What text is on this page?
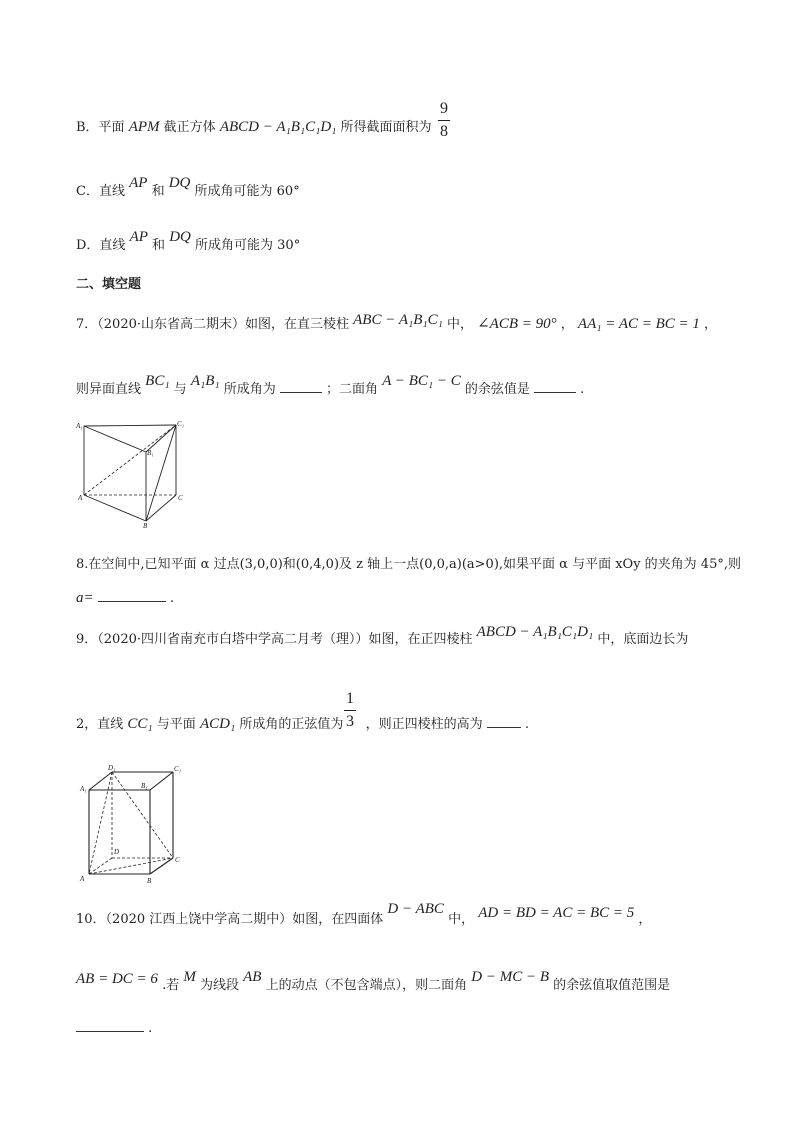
B．平面 APM 截正方体 ABCD − A₁B₁C₁D₁ 所得截面面积为
9
8
C．直线 AP 和 DQ 所成角可能为 60°
D．直线 AP 和 DQ 所成角可能为 30°
二、填空题
7．（2020·山东省高二期末）如图，在直三棱柱 ABC − A₁B₁C₁ 中， ∠ACB = 90° ， AA₁ = AC = BC = 1 ，
则异面直线 BC₁ 与 A₁B₁ 所成角为	；二面角 A − BC₁ − C 的余弦值是	.
A₁	C₁
B₁
A	C
B
8.在空间中,已知平面 α 过点(3,0,0)和(0,4,0)及 z 轴上一点(0,0,a)(a>0),如果平面 α 与平面 xOy 的夹角为 45°,则
a=	.
9．（2020·四川省南充市白塔中学高二月考（理））如图，在正四棱柱 ABCD − A₁B₁C₁D₁ 中，底面边长为
2，直线 CC₁ 与平面 ACD₁ 所成角的正弦值为 ，则正四棱柱的高为	.
1
3
D₁
A₁	B₁
C₁
D
A	B
C
10．（2020 江西上饶中学高二期中）如图，在四面体 D − ABC 中， AD = BD = AC = BC = 5 ，
AB = DC = 6 .若 M 为线段 AB 上的动点（不包含端点），则二面角 D − MC − B 的余弦值取值范围是
.
